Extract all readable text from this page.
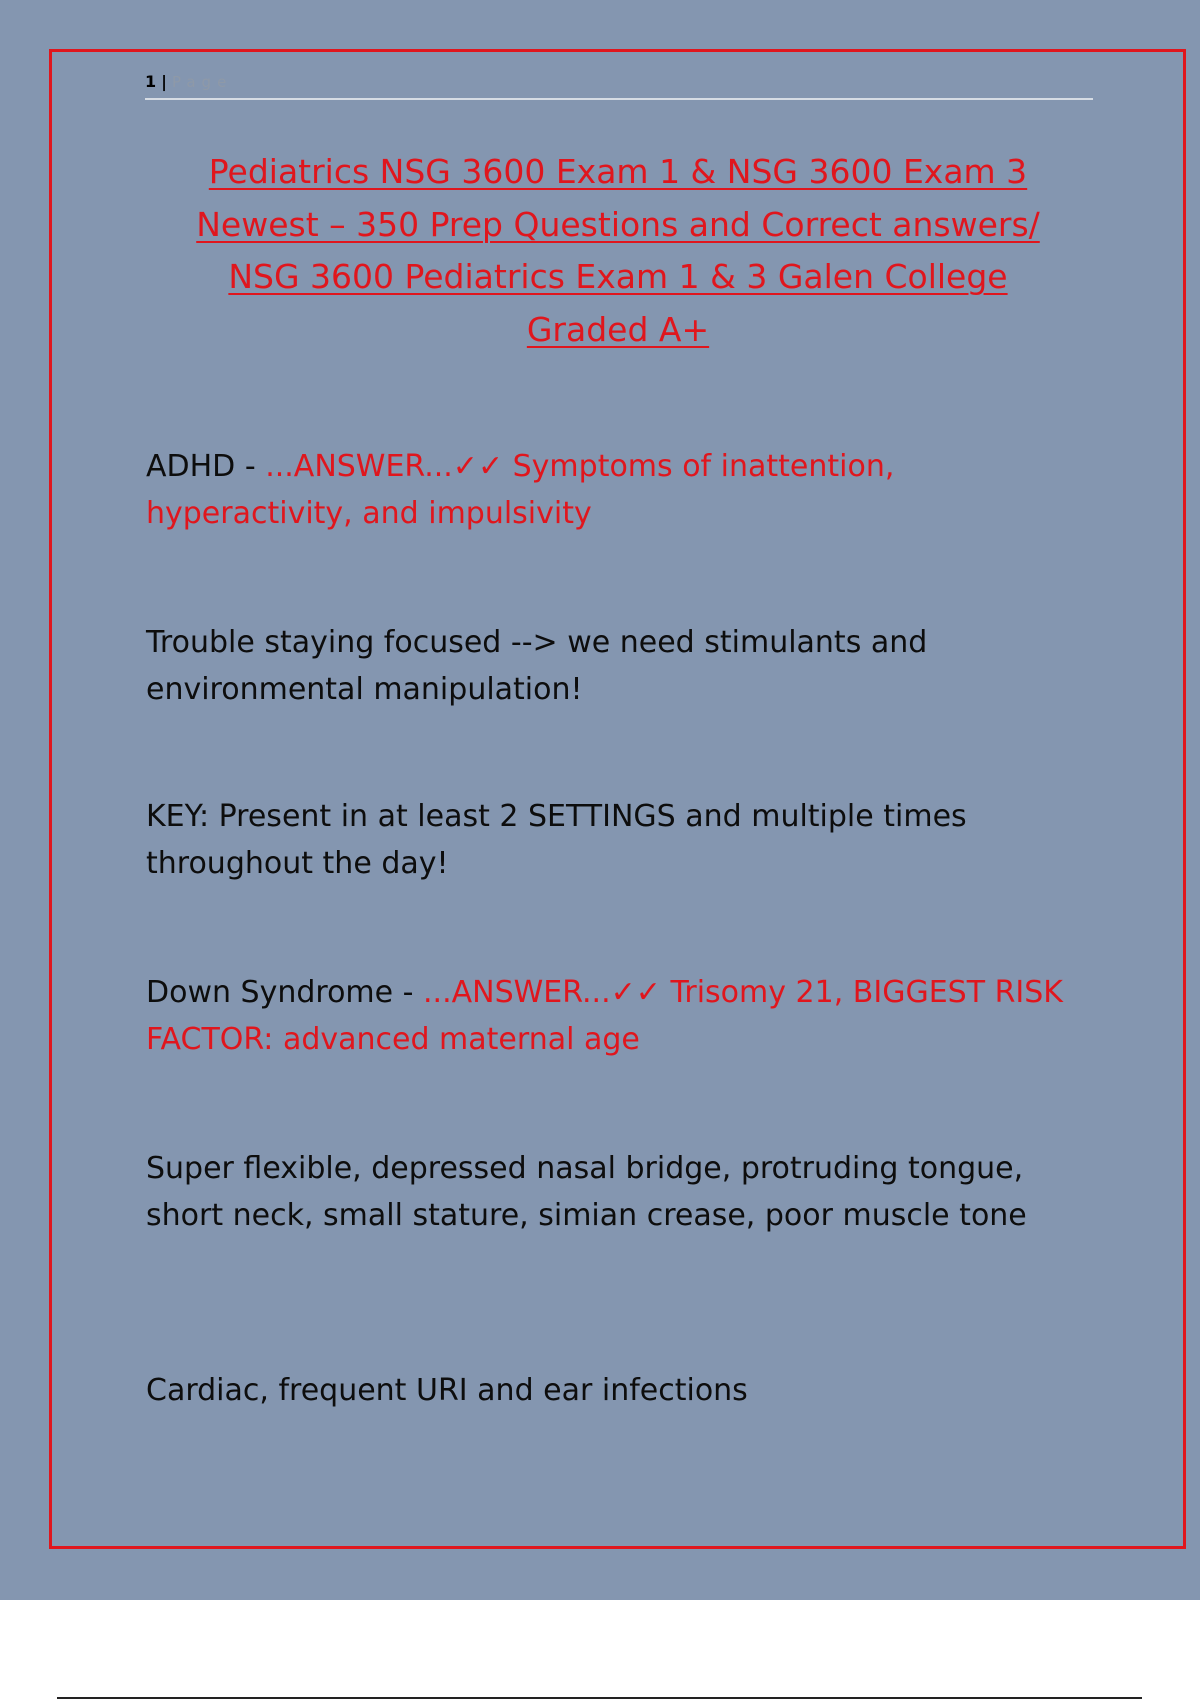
1 | Page
Pediatrics NSG 3600 Exam 1 & NSG 3600 Exam 3
Newest – 350 Prep Questions and Correct answers/
NSG 3600 Pediatrics Exam 1 & 3 Galen College
Graded A+
ADHD - ...ANSWER...✓✓ Symptoms of inattention, hyperactivity, and impulsivity
Trouble staying focused --> we need stimulants and environmental manipulation!
KEY: Present in at least 2 SETTINGS and multiple times throughout the day!
Down Syndrome - ...ANSWER...✓✓ Trisomy 21, BIGGEST RISK FACTOR: advanced maternal age
Super flexible, depressed nasal bridge, protruding tongue, short neck, small stature, simian crease, poor muscle tone
Cardiac, frequent URI and ear infections
